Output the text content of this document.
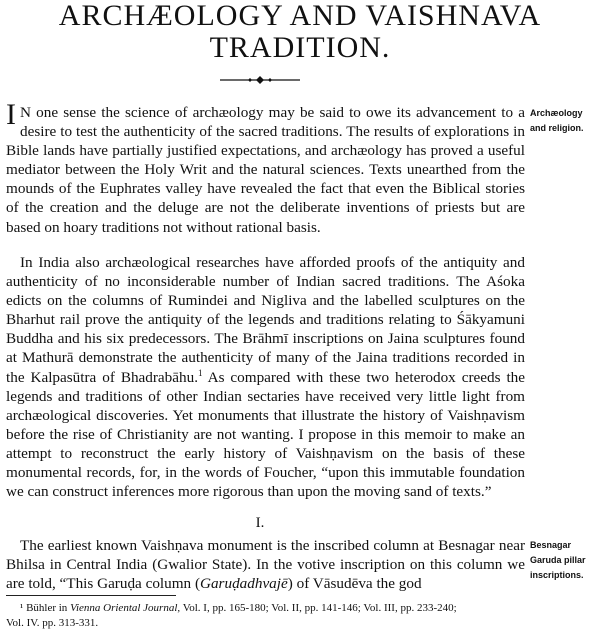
ARCHÆOLOGY AND VAISHNAVA
TRADITION.
Archæology and religion.

I N one sense the science of archæology may be said to owe its advancement to a desire to test the authenticity of the sacred traditions. The results of explorations in Bible lands have partially justified expectations, and archæology has proved a useful mediator between the Holy Writ and the natural sciences. Texts unearthed from the mounds of the Euphrates valley have revealed the fact that even the Biblical stories of the creation and the deluge are not the deliberate inventions of priests but are based on hoary traditions not without rational basis.

In India also archæological researches have afforded proofs of the antiquity and authenticity of no inconsiderable number of Indian sacred traditions. The Aśoka edicts on the columns of Rumindei and Nigliva and the labelled sculptures on the Bharhut rail prove the antiquity of the legends and traditions relating to Śākyamuni Buddha and his six predecessors. The Brāhmī inscriptions on Jaina sculptures found at Mathurā demonstrate the authenticity of many of the Jaina traditions recorded in the Kalpasūtra of Bhadrabāhu.$^1$ As compared with these two heterodox creeds the legends and traditions of other Indian sectaries have received very little light from archæological discoveries. Yet monuments that illustrate the history of Vaishṇavism before the rise of Christianity are not wanting. I propose in this memoir to make an attempt to reconstruct the early history of Vaishṇavism on the basis of these monumental records, for, in the words of Foucher, “upon this immutable foundation we can construct inferences more rigorous than upon the moving sand of texts.”

I.
Besnagar Garuda pillar inscriptions.

The earliest known Vaishṇava monument is the inscribed column at Besnagar near Bhilsa in Central India (Gwalior State). In the votive inscription on this column we are told, “This Garuḍa column (Garuḍadhvajē) of Vāsudēva the god

¹ Bühler in Vienna Oriental Journal, Vol. I, pp. 165-180; Vol. II, pp. 141-146; Vol. III, pp. 233-240;
Vol. IV. pp. 313-331.
